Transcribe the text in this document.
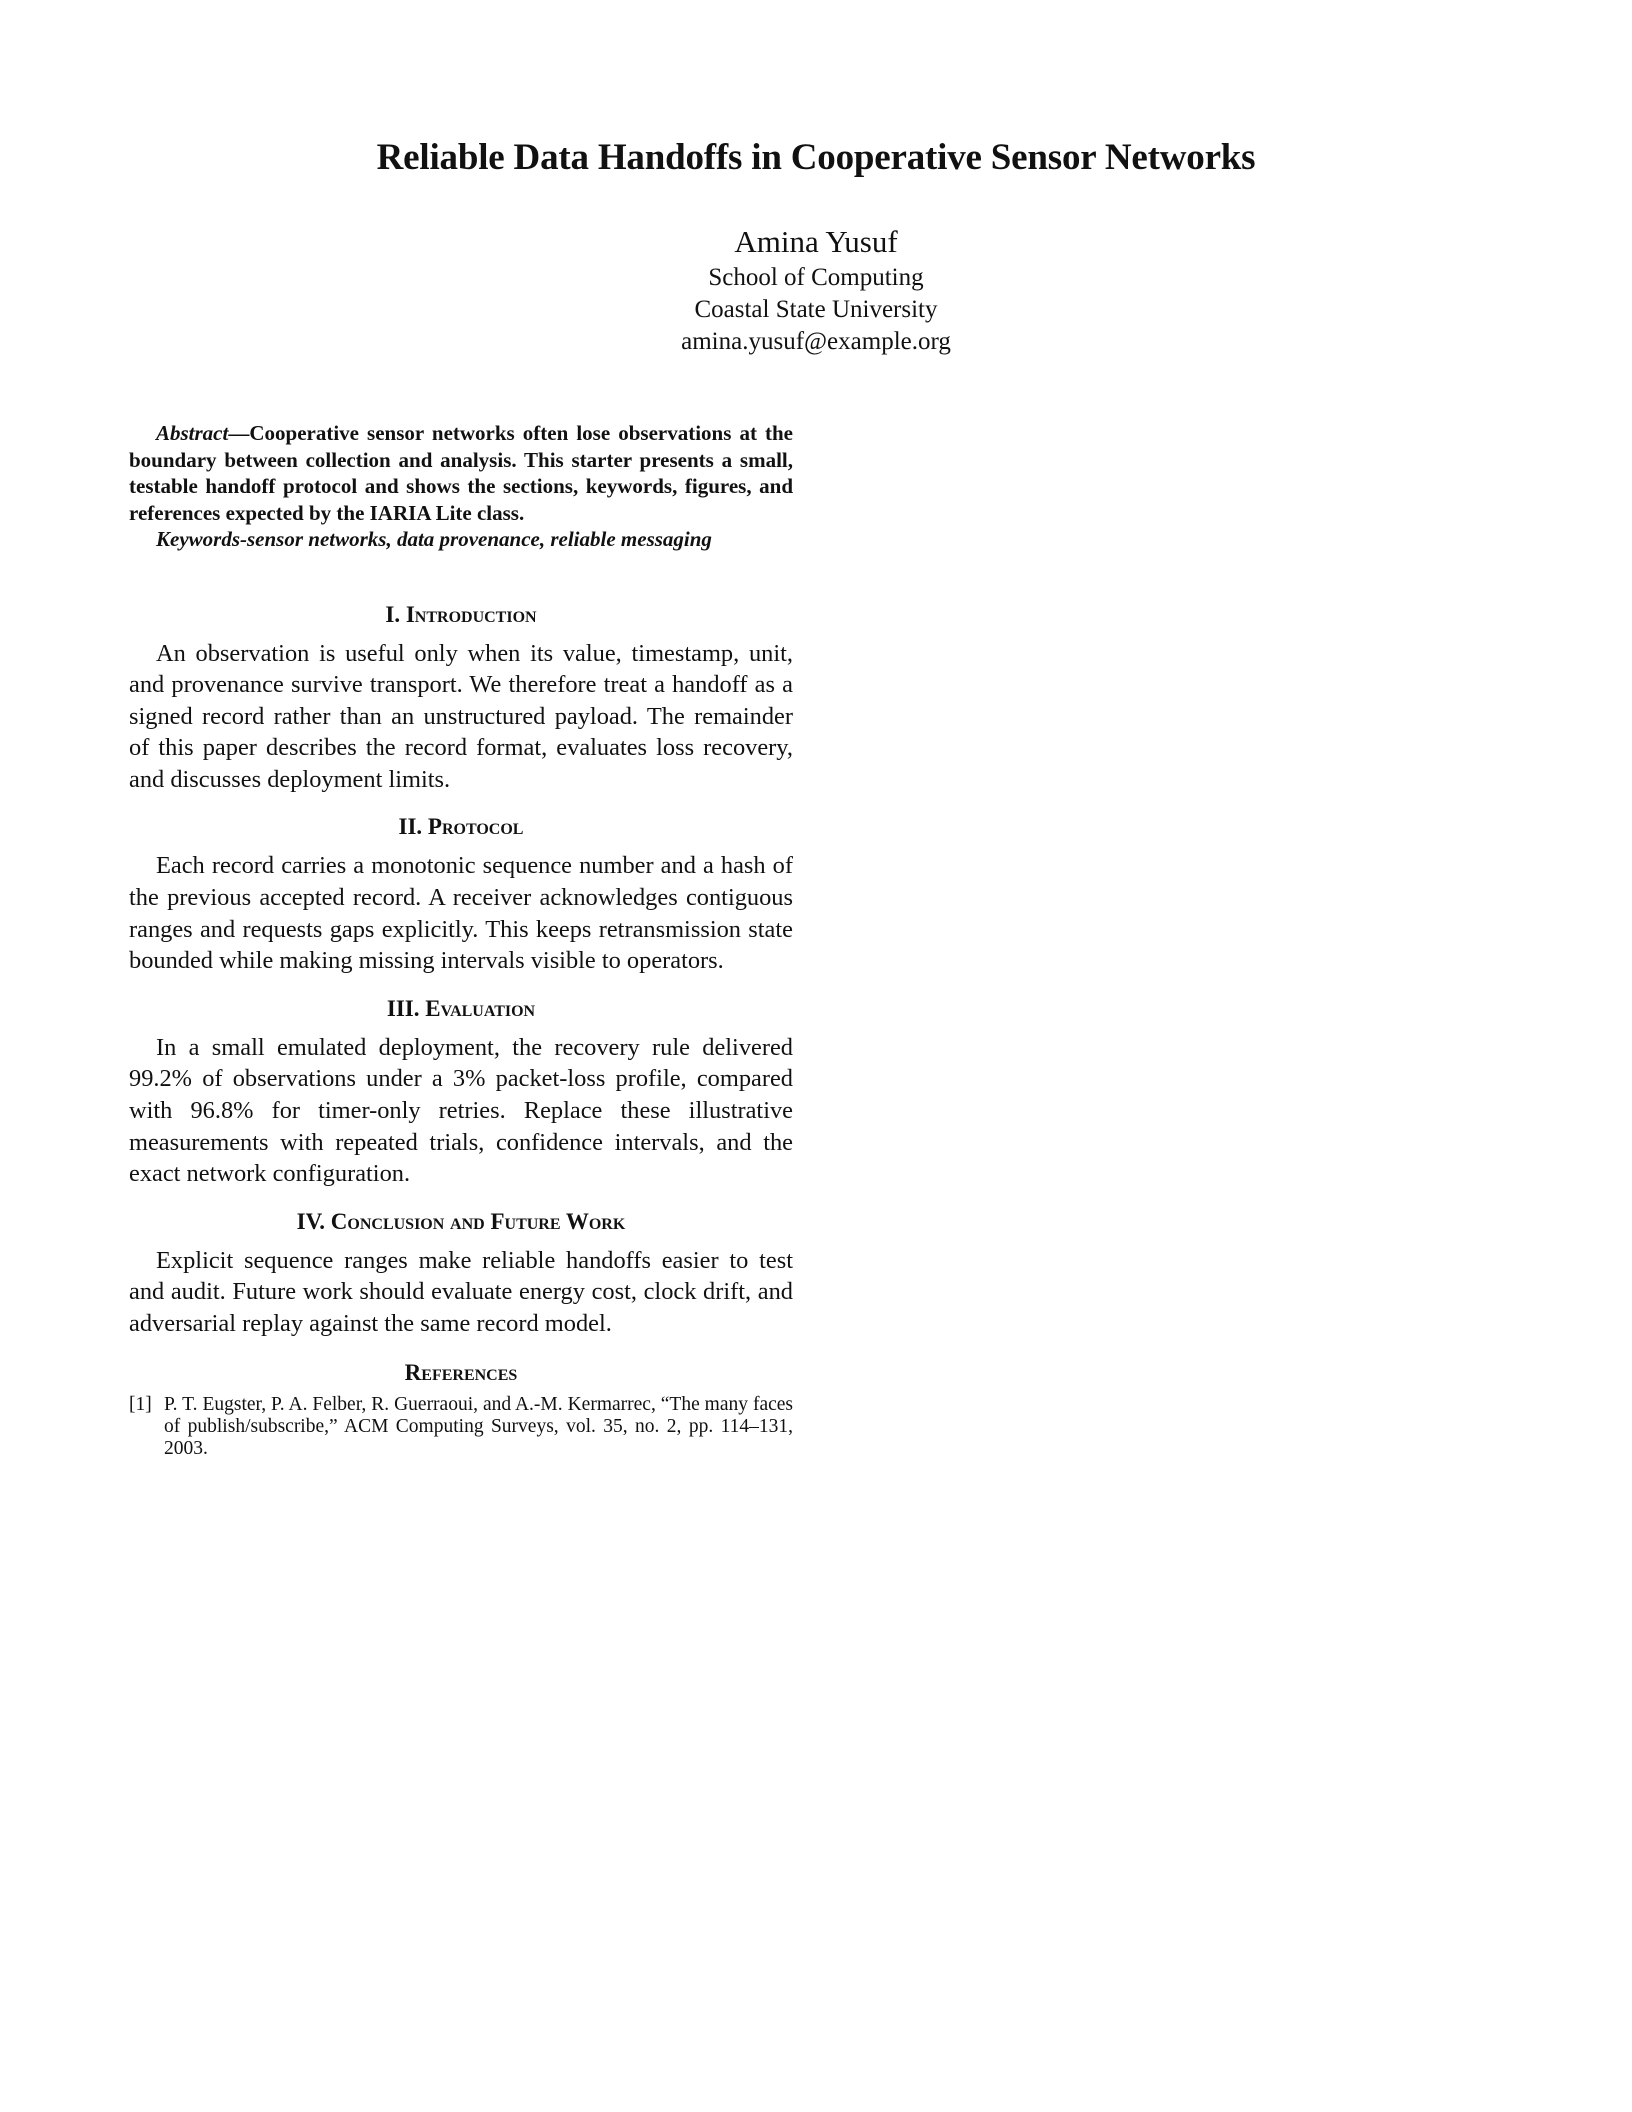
Reliable Data Handoffs in Cooperative Sensor Networks
Amina Yusuf
School of Computing
Coastal State University
amina.yusuf@example.org

Abstract—Cooperative sensor networks often lose observations at the boundary between collection and analysis. This starter presents a small, testable handoff protocol and shows the sections, keywords, figures, and references expected by the IARIA Lite class.

Keywords-sensor networks, data provenance, reliable messaging

I. Introduction

An observation is useful only when its value, timestamp, unit, and provenance survive transport. We therefore treat a handoff as a signed record rather than an unstructured payload. The remainder of this paper describes the record format, evaluates loss recovery, and discusses deployment limits.

II. Protocol

Each record carries a monotonic sequence number and a hash of the previous accepted record. A receiver acknowledges contiguous ranges and requests gaps explicitly. This keeps retransmission state bounded while making missing intervals visible to operators.

III. Evaluation

In a small emulated deployment, the recovery rule delivered 99.2% of observations under a 3% packet-loss profile, compared with 96.8% for timer-only retries. Replace these illustrative measurements with repeated trials, confidence intervals, and the exact network configuration.

IV. Conclusion and Future Work

Explicit sequence ranges make reliable handoffs easier to test and audit. Future work should evaluate energy cost, clock drift, and adversarial replay against the same record model.

References
[1] P. T. Eugster, P. A. Felber, R. Guerraoui, and A.-M. Kermarrec, “The many faces of publish/subscribe,” ACM Computing Surveys, vol. 35, no. 2, pp. 114–131, 2003.
